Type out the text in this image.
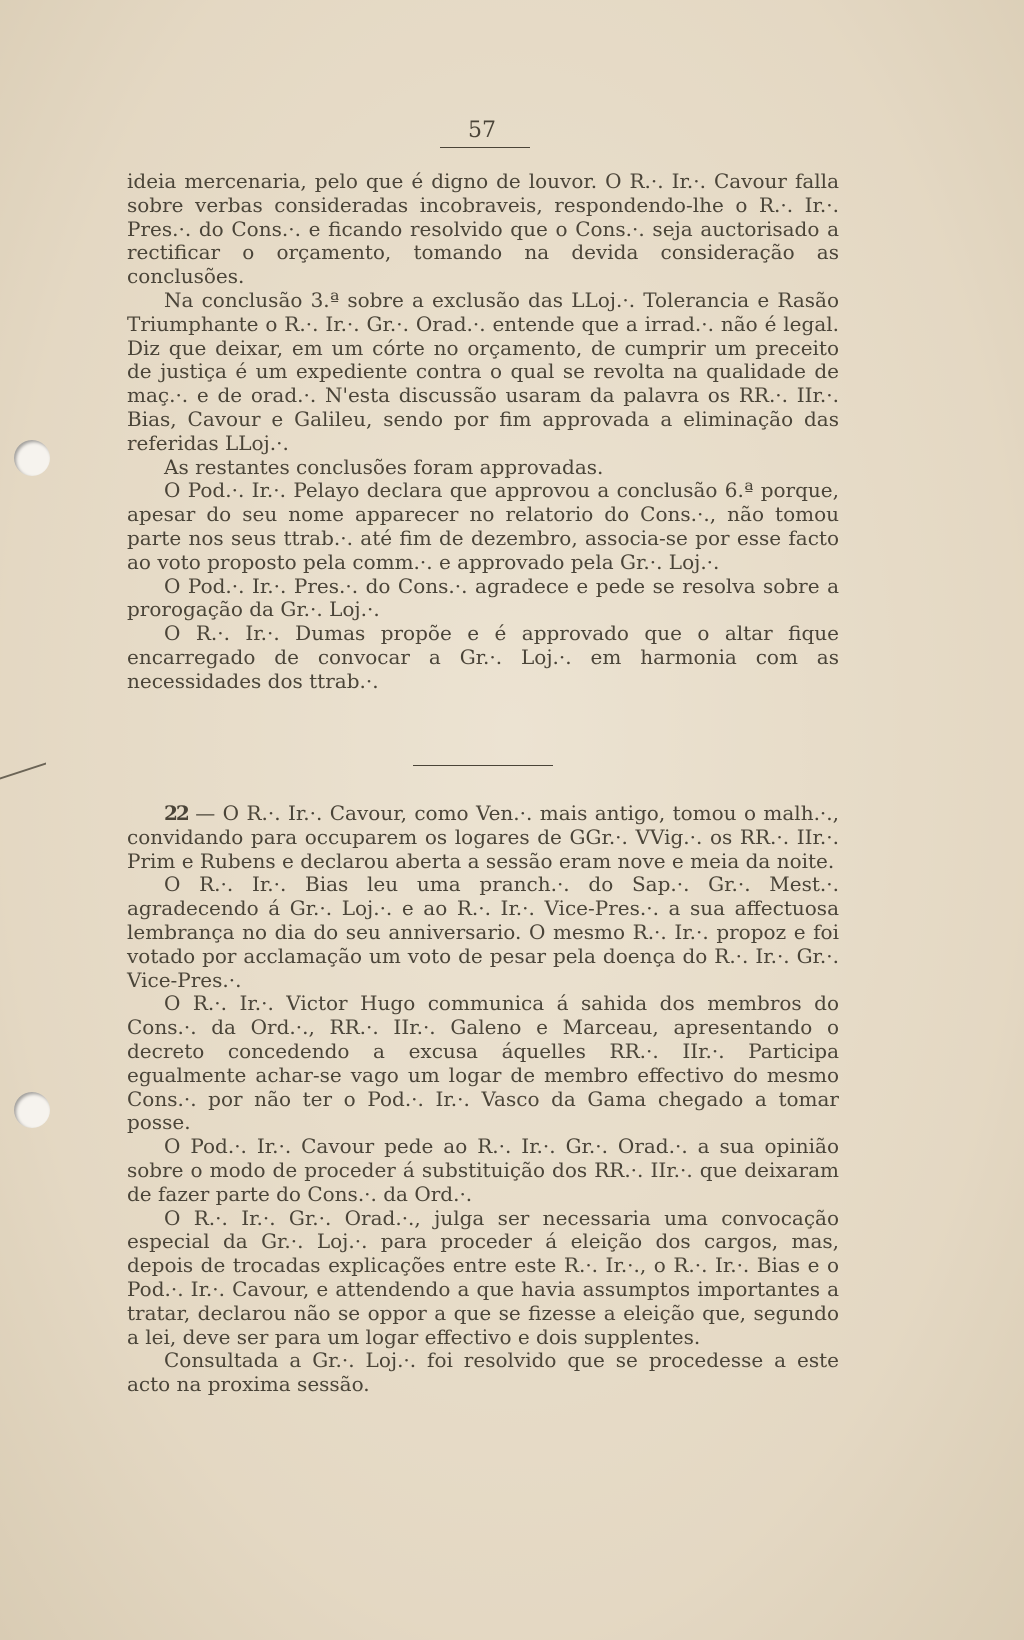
57

ideia mercenaria, pelo que é digno de louvor. O R.·. Ir.·. Cavour falla sobre verbas consideradas incobraveis, respondendo-lhe o R.·. Ir.·. Pres.·. do Cons.·. e ficando resolvido que o Cons.·. seja auctorisado a rectificar o orçamento, tomando na devida consideração as conclusões.

Na conclusão 3.ª sobre a exclusão das LLoj.·. Tolerancia e Rasão Triumphante o R.·. Ir.·. Gr.·. Orad.·. entende que a irrad.·. não é legal. Diz que deixar, em um córte no orçamento, de cumprir um preceito de justiça é um expediente contra o qual se revolta na qualidade de maç.·. e de orad.·. N'esta discussão usaram da palavra os RR.·. IIr.·. Bias, Cavour e Galileu, sendo por fim approvada a eliminação das referidas LLoj.·.

As restantes conclusões foram approvadas.

O Pod.·. Ir.·. Pelayo declara que approvou a conclusão 6.ª porque, apesar do seu nome apparecer no relatorio do Cons.·., não tomou parte nos seus ttrab.·. até fim de dezembro, associa-se por esse facto ao voto proposto pela comm.·. e approvado pela Gr.·. Loj.·.

O Pod.·. Ir.·. Pres.·. do Cons.·. agradece e pede se resolva sobre a prorogação da Gr.·. Loj.·.

O R.·. Ir.·. Dumas propõe e é approvado que o altar fique encarregado de convocar a Gr.·. Loj.·. em harmonia com as necessidades dos ttrab.·.

22 — O R.·. Ir.·. Cavour, como Ven.·. mais antigo, tomou o malh.·., convidando para occuparem os logares de GGr.·. VVig.·. os RR.·. IIr.·. Prim e Rubens e declarou aberta a sessão eram nove e meia da noite.

O R.·. Ir.·. Bias leu uma pranch.·. do Sap.·. Gr.·. Mest.·. agradecendo á Gr.·. Loj.·. e ao R.·. Ir.·. Vice-Pres.·. a sua affectuosa lembrança no dia do seu anniversario. O mesmo R.·. Ir.·. propoz e foi votado por acclamação um voto de pesar pela doença do R.·. Ir.·. Gr.·. Vice-Pres.·.

O R.·. Ir.·. Victor Hugo communica á sahida dos membros do Cons.·. da Ord.·., RR.·. IIr.·. Galeno e Marceau, apresentando o decreto concedendo a excusa áquelles RR.·. IIr.·. Participa egualmente achar-se vago um logar de membro effectivo do mesmo Cons.·. por não ter o Pod.·. Ir.·. Vasco da Gama chegado a tomar posse.

O Pod.·. Ir.·. Cavour pede ao R.·. Ir.·. Gr.·. Orad.·. a sua opinião sobre o modo de proceder á substituição dos RR.·. IIr.·. que deixaram de fazer parte do Cons.·. da Ord.·.

O R.·. Ir.·. Gr.·. Orad.·., julga ser necessaria uma convocação especial da Gr.·. Loj.·. para proceder á eleição dos cargos, mas, depois de trocadas explicações entre este R.·. Ir.·., o R.·. Ir.·. Bias e o Pod.·. Ir.·. Cavour, e attendendo a que havia assumptos importantes a tratar, declarou não se oppor a que se fizesse a eleição que, segundo a lei, deve ser para um logar effectivo e dois supplentes.

Consultada a Gr.·. Loj.·. foi resolvido que se procedesse a este acto na proxima sessão.
